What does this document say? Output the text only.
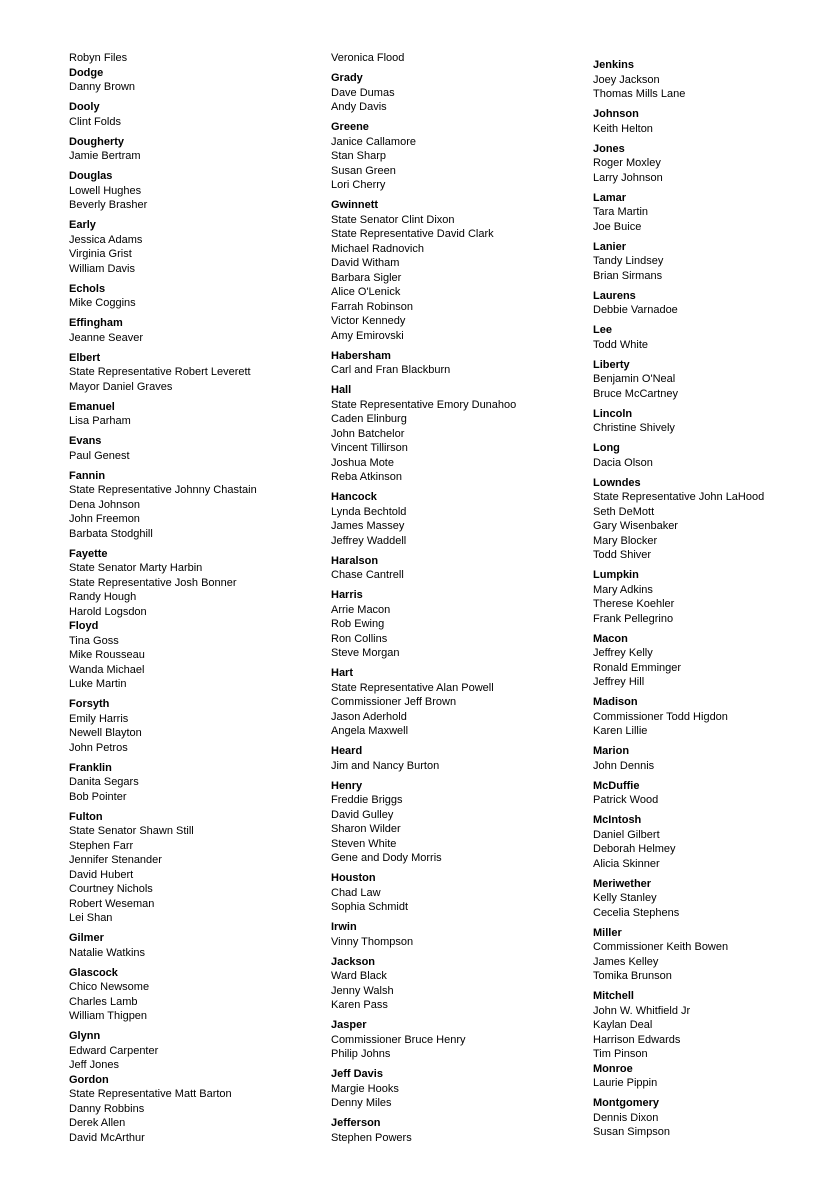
Robyn Files
Dodge
Danny Brown
Dooly
Clint Folds
Dougherty
Jamie Bertram
Douglas
Lowell Hughes
Beverly Brasher
Early
Jessica Adams
Virginia Grist
William Davis
Echols
Mike Coggins
Effingham
Jeanne Seaver
Elbert
State Representative Robert Leverett
Mayor Daniel Graves
Emanuel
Lisa Parham
Evans
Paul Genest
Fannin
State Representative Johnny Chastain
Dena Johnson
John Freemon
Barbata Stodghill
Fayette
State Senator Marty Harbin
State Representative Josh Bonner
Randy Hough
Harold Logsdon
Floyd
Tina Goss
Mike Rousseau
Wanda Michael
Luke Martin
Forsyth
Emily Harris
Newell Blayton
John Petros
Franklin
Danita Segars
Bob Pointer
Fulton
State Senator Shawn Still
Stephen Farr
Jennifer Stenander
David Hubert
Courtney Nichols
Robert Weseman
Lei Shan
Gilmer
Natalie Watkins
Glascock
Chico Newsome
Charles Lamb
William Thigpen
Glynn
Edward Carpenter
Jeff Jones
Gordon
State Representative Matt Barton
Danny Robbins
Derek Allen
David McArthur
Veronica Flood
Grady
Dave Dumas
Andy Davis
Greene
Janice Callamore
Stan Sharp
Susan Green
Lori Cherry
Gwinnett
State Senator Clint Dixon
State Representative David Clark
Michael Radnovich
David Witham
Barbara Sigler
Alice O'Lenick
Farrah Robinson
Victor Kennedy
Amy Emirovski
Habersham
Carl and Fran Blackburn
Hall
State Representative Emory Dunahoo
Caden Elinburg
John Batchelor
Vincent Tillirson
Joshua Mote
Reba Atkinson
Hancock
Lynda Bechtold
James Massey
Jeffrey Waddell
Haralson
Chase Cantrell
Harris
Arrie Macon
Rob Ewing
Ron Collins
Steve Morgan
Hart
State Representative Alan Powell
Commissioner Jeff Brown
Jason Aderhold
Angela Maxwell
Heard
Jim and Nancy Burton
Henry
Freddie Briggs
David Gulley
Sharon Wilder
Steven White
Gene and Dody Morris
Houston
Chad Law
Sophia Schmidt
Irwin
Vinny Thompson
Jackson
Ward Black
Jenny Walsh
Karen Pass
Jasper
Commissioner Bruce Henry
Philip Johns
Jeff Davis
Margie Hooks
Denny Miles
Jefferson
Stephen Powers
Jenkins
Joey Jackson
Thomas Mills Lane
Johnson
Keith Helton
Jones
Roger Moxley
Larry Johnson
Lamar
Tara Martin
Joe Buice
Lanier
Tandy Lindsey
Brian Sirmans
Laurens
Debbie Varnadoe
Lee
Todd White
Liberty
Benjamin O'Neal
Bruce McCartney
Lincoln
Christine Shively
Long
Dacia Olson
Lowndes
State Representative John LaHood
Seth DeMott
Gary Wisenbaker
Mary Blocker
Todd Shiver
Lumpkin
Mary Adkins
Therese Koehler
Frank Pellegrino
Macon
Jeffrey Kelly
Ronald Emminger
Jeffrey Hill
Madison
Commissioner Todd Higdon
Karen Lillie
Marion
John Dennis
McDuffie
Patrick Wood
McIntosh
Daniel Gilbert
Deborah Helmey
Alicia Skinner
Meriwether
Kelly Stanley
Cecelia Stephens
Miller
Commissioner Keith Bowen
James Kelley
Tomika Brunson
Mitchell
John W. Whitfield Jr
Kaylan Deal
Harrison Edwards
Tim Pinson
Monroe
Laurie Pippin
Montgomery
Dennis Dixon
Susan Simpson
